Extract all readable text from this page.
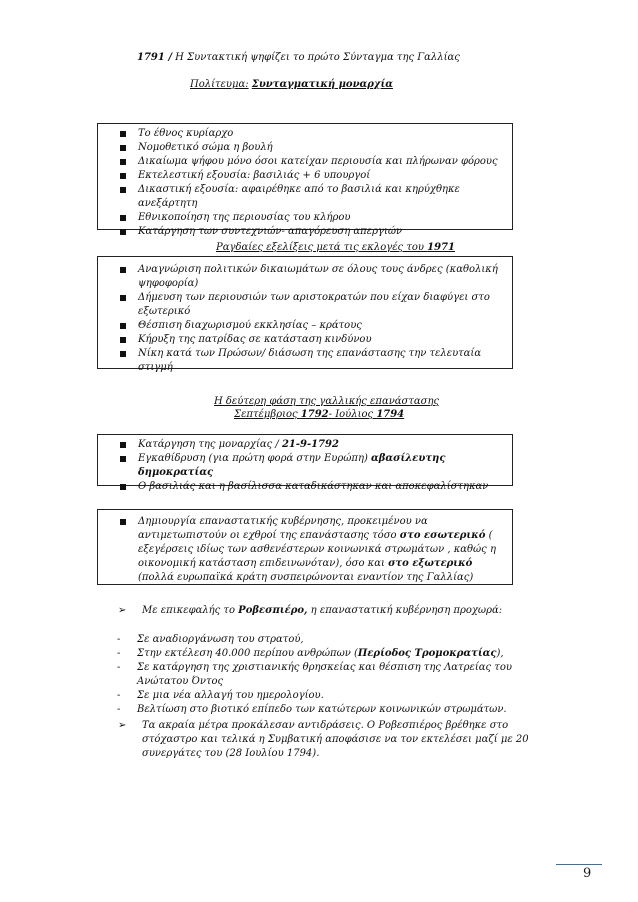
1791 / Η Συντακτική ψηφίζει το πρώτο Σύνταγμα της Γαλλίας
Πολίτευμα: Συνταγματική μοναρχία
Το έθνος κυρίαρχο
Νομοθετικό σώμα η βουλή
Δικαίωμα ψήφου μόνο όσοι κατείχαν περιουσία και πλήρωναν φόρους
Εκτελεστική εξουσία: βασιλιάς + 6 υπουργοί
Δικαστική εξουσία: αφαιρέθηκε από το βασιλιά και κηρύχθηκε ανεξάρτητη
Εθνικοποίηση της περιουσίας του κλήρου
Κατάργηση των συντεχνιών- απαγόρευση απεργιών
Ραγδαίες εξελίξεις μετά τις εκλογές του 1971
Αναγνώριση πολιτικών δικαιωμάτων σε όλους τους άνδρες (καθολική ψηφοφορία)
Δήμευση των περιουσιών των αριστοκρατών που είχαν διαφύγει στο εξωτερικό
Θέσπιση διαχωρισμού εκκλησίας – κράτους
Κήρυξη της πατρίδας σε κατάσταση κινδύνου
Νίκη κατά των Πρώσων/ διάσωση της επανάστασης την τελευταία στιγμή
Η δεύτερη φάση της γαλλικής επανάστασης
Σεπτέμβριος 1792- Ιούλιος 1794
Κατάργηση της μοναρχίας / 21-9-1792
Εγκαθίδρυση (για πρώτη φορά στην Ευρώπη) αβασίλευτης δημοκρατίας
Ο βασιλιάς και η βασίλισσα καταδικάστηκαν και αποκεφαλίστηκαν
Δημιουργία επαναστατικής κυβέρνησης, προκειμένου να αντιμετωπιστούν οι εχθροί της επανάστασης τόσο στο εσωτερικό ( εξεγέρσεις ιδίως των ασθενέστερων κοινωνικά στρωμάτων , καθώς η οικονομική κατάσταση επιδεινωνόταν), όσο και στο εξωτερικό (πολλά ευρωπαϊκά κράτη συσπειρώνονται εναντίον της Γαλλίας)
➢ Με επικεφαλής το Ροβεσπιέρο, η επαναστατική κυβέρνηση προχωρά:
- Σε αναδιοργάνωση του στρατού,
- Στην εκτέλεση 40.000 περίπου ανθρώπων (Περίοδος Τρομοκρατίας),
- Σε κατάργηση της χριστιανικής θρησκείας και θέσπιση της Λατρείας του Ανώτατου Όντος
- Σε μια νέα αλλαγή του ημερολογίου.
- Βελτίωση στο βιοτικό επίπεδο των κατώτερων κοινωνικών στρωμάτων.
➢ Τα ακραία μέτρα προκάλεσαν αντιδράσεις. Ο Ροβεσπιέρος βρέθηκε στο στόχαστρο και τελικά η Συμβατική αποφάσισε να τον εκτελέσει μαζί με 20 συνεργάτες του (28 Ιουλίου 1794).
9
